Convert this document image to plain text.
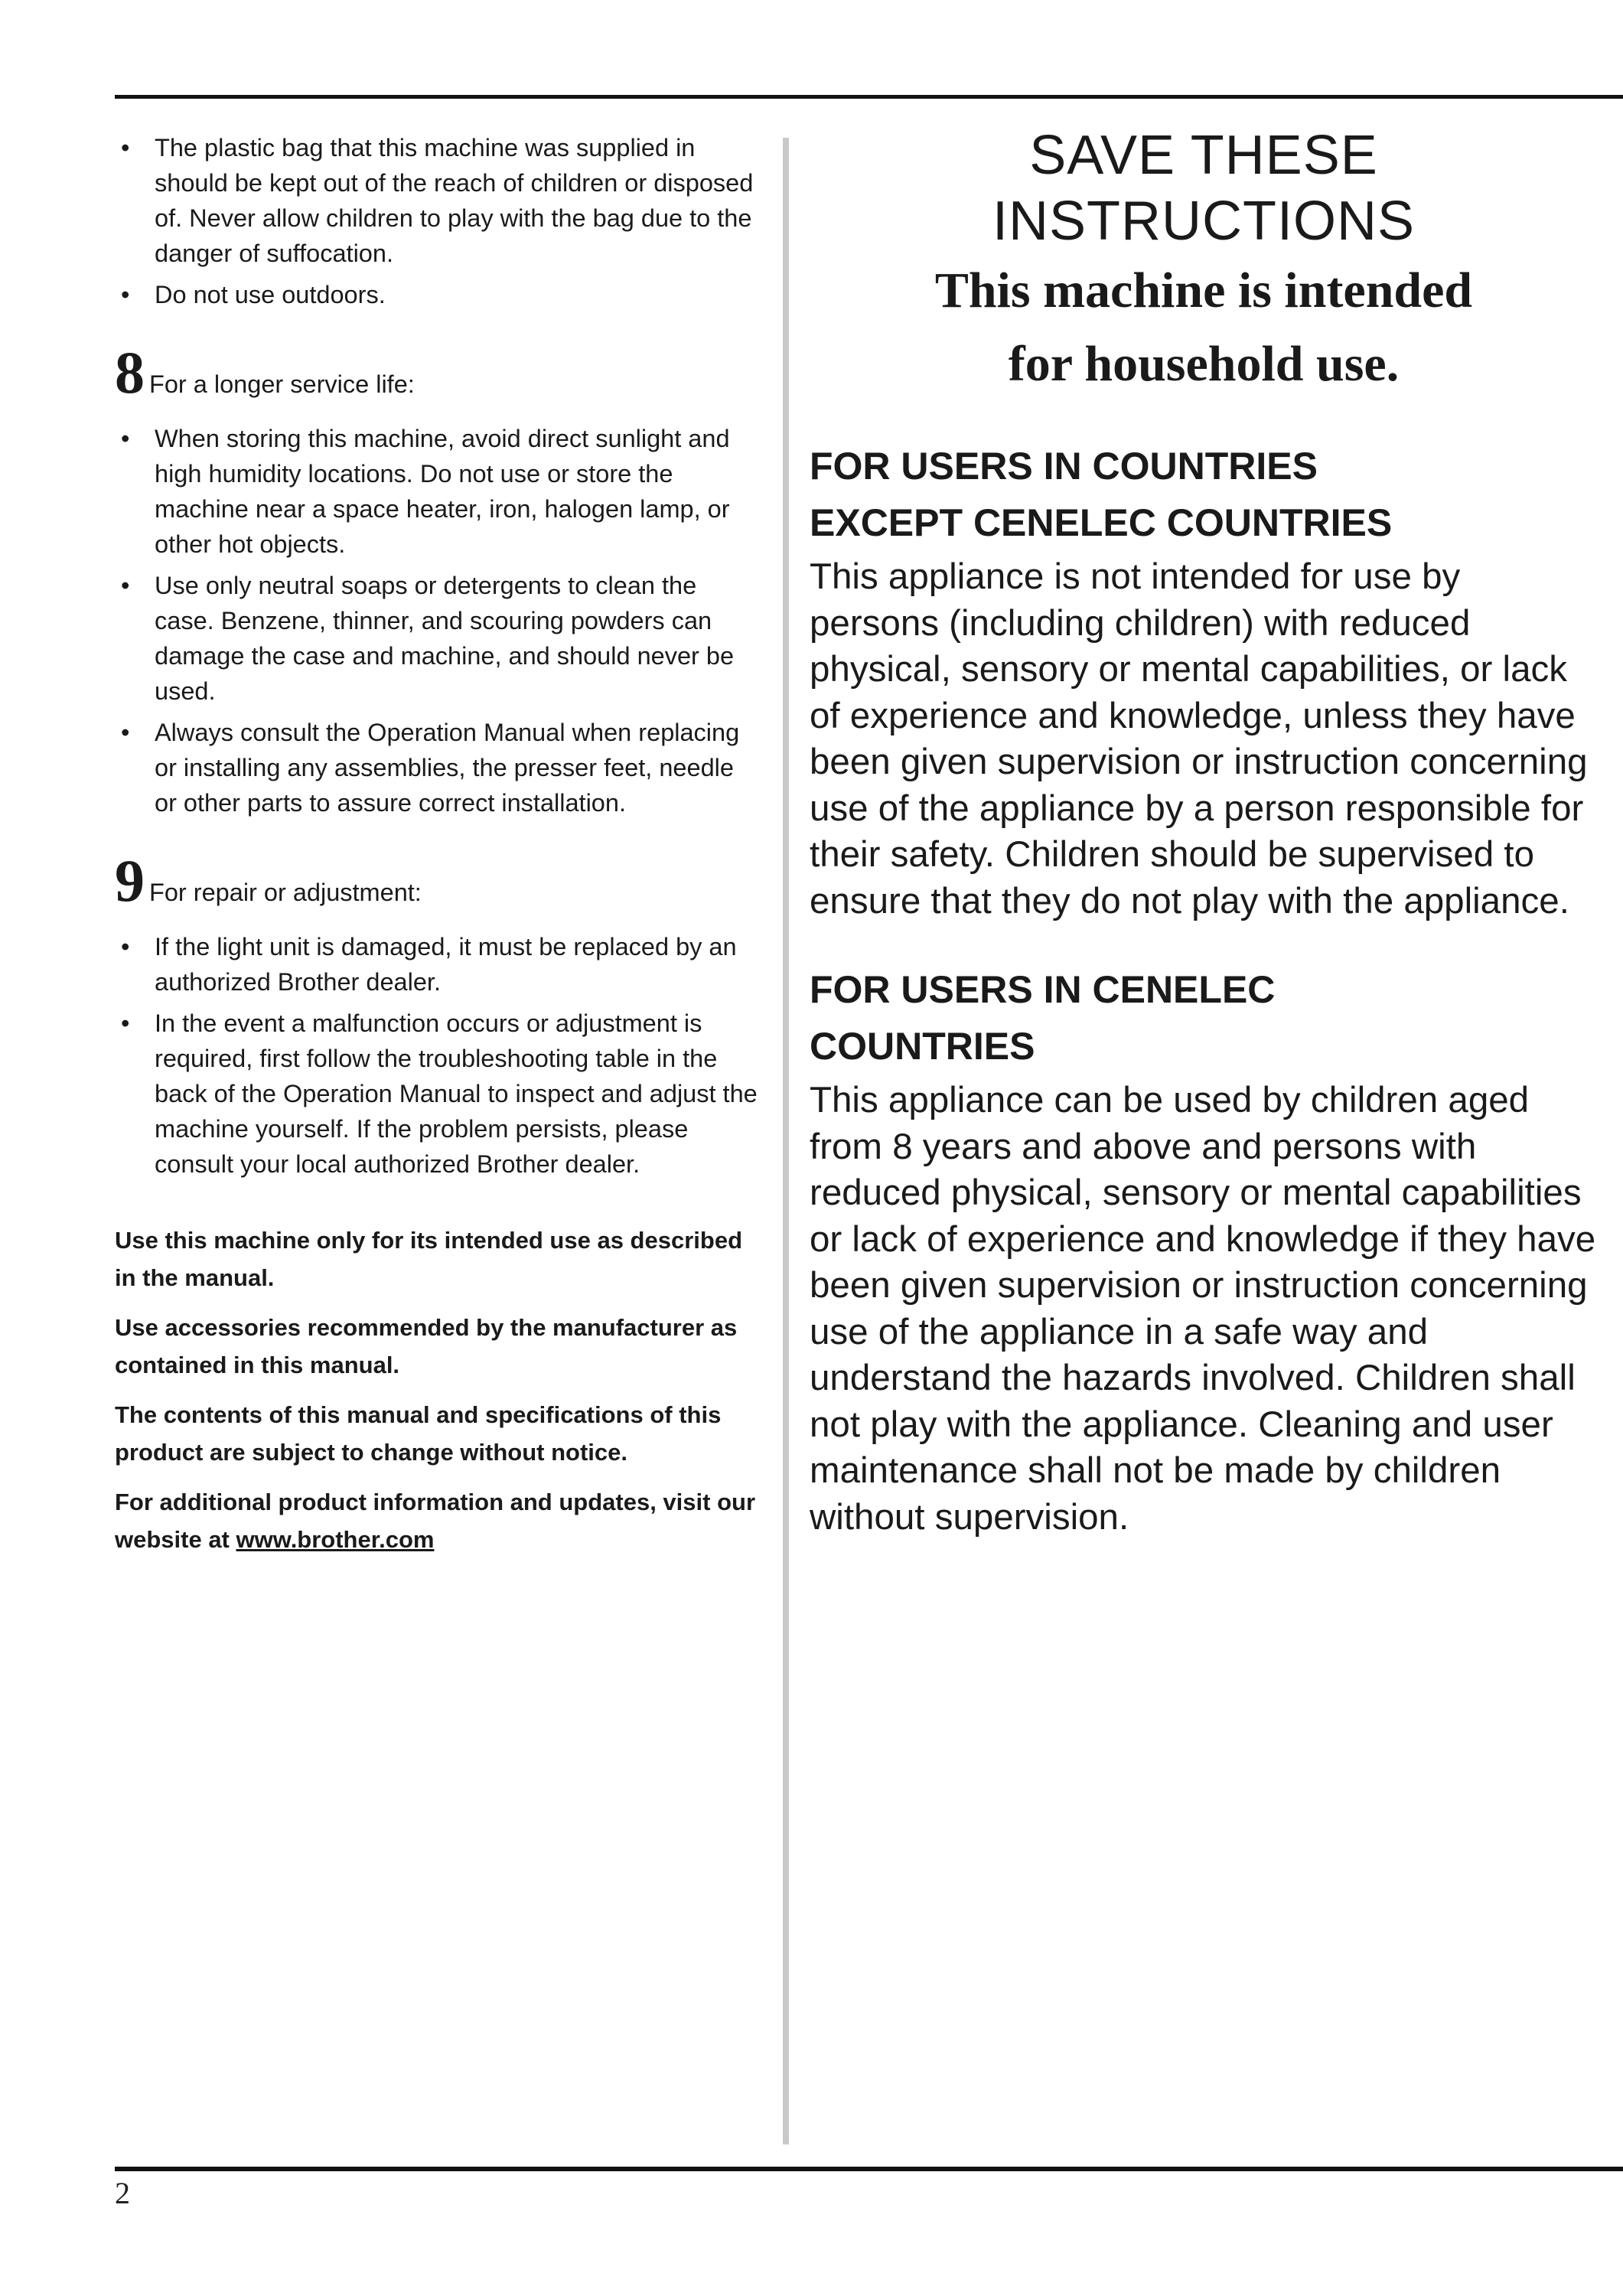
• The plastic bag that this machine was supplied in should be kept out of the reach of children or disposed of. Never allow children to play with the bag due to the danger of suffocation.
• Do not use outdoors.
8 For a longer service life:
• When storing this machine, avoid direct sunlight and high humidity locations. Do not use or store the machine near a space heater, iron, halogen lamp, or other hot objects.
• Use only neutral soaps or detergents to clean the case. Benzene, thinner, and scouring powders can damage the case and machine, and should never be used.
• Always consult the Operation Manual when replacing or installing any assemblies, the presser feet, needle or other parts to assure correct installation.
9 For repair or adjustment:
• If the light unit is damaged, it must be replaced by an authorized Brother dealer.
• In the event a malfunction occurs or adjustment is required, first follow the troubleshooting table in the back of the Operation Manual to inspect and adjust the machine yourself. If the problem persists, please consult your local authorized Brother dealer.

Use this machine only for its intended use as described in the manual.

Use accessories recommended by the manufacturer as contained in this manual.

The contents of this manual and specifications of this product are subject to change without notice.

For additional product information and updates, visit our website at www.brother.com

SAVE THESE
INSTRUCTIONS
This machine is intended
for household use.
FOR USERS IN COUNTRIES
EXCEPT CENELEC COUNTRIES

This appliance is not intended for use by persons (including children) with reduced physical, sensory or mental capabilities, or lack of experience and knowledge, unless they have been given supervision or instruction concerning use of the appliance by a person responsible for their safety. Children should be supervised to ensure that they do not play with the appliance.

FOR USERS IN CENELEC
COUNTRIES

This appliance can be used by children aged from 8 years and above and persons with reduced physical, sensory or mental capabilities or lack of experience and knowledge if they have been given supervision or instruction concerning use of the appliance in a safe way and understand the hazards involved. Children shall not play with the appliance. Cleaning and user maintenance shall not be made by children without supervision.

2
